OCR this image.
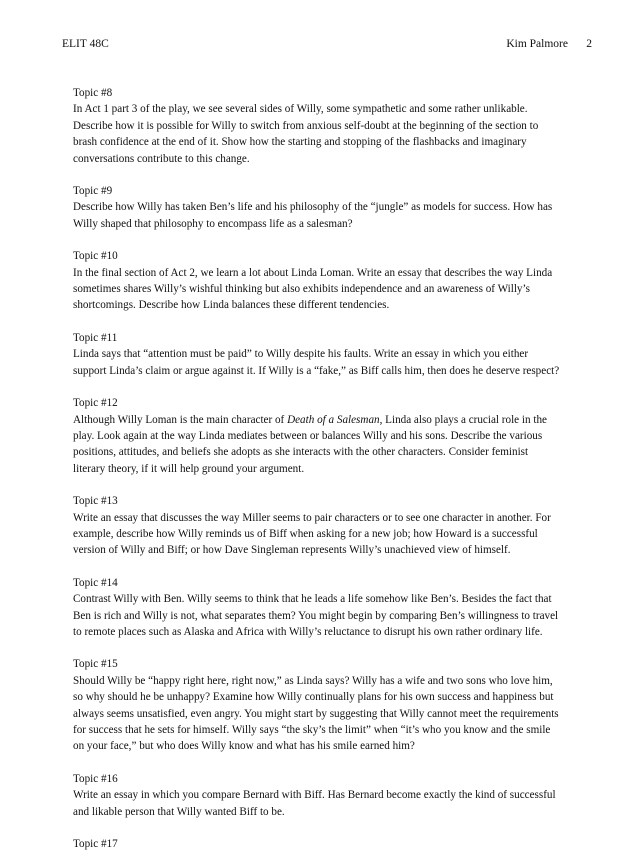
ELIT 48C	Kim Palmore 2
Topic #8
In Act 1 part 3 of the play, we see several sides of Willy, some sympathetic and some rather unlikable. Describe how it is possible for Willy to switch from anxious self-doubt at the beginning of the section to brash confidence at the end of it. Show how the starting and stopping of the flashbacks and imaginary conversations contribute to this change.
Topic #9
Describe how Willy has taken Ben’s life and his philosophy of the “jungle” as models for success. How has Willy shaped that philosophy to encompass life as a salesman?
Topic #10
In the final section of Act 2, we learn a lot about Linda Loman. Write an essay that describes the way Linda sometimes shares Willy’s wishful thinking but also exhibits independence and an awareness of Willy’s shortcomings. Describe how Linda balances these different tendencies.
Topic #11
Linda says that “attention must be paid” to Willy despite his faults. Write an essay in which you either support Linda’s claim or argue against it. If Willy is a “fake,” as Biff calls him, then does he deserve respect?
Topic #12
Although Willy Loman is the main character of Death of a Salesman, Linda also plays a crucial role in the play. Look again at the way Linda mediates between or balances Willy and his sons. Describe the various positions, attitudes, and beliefs she adopts as she interacts with the other characters. Consider feminist literary theory, if it will help ground your argument.
Topic #13
Write an essay that discusses the way Miller seems to pair characters or to see one character in another. For example, describe how Willy reminds us of Biff when asking for a new job; how Howard is a successful version of Willy and Biff; or how Dave Singleman represents Willy’s unachieved view of himself.
Topic #14
Contrast Willy with Ben. Willy seems to think that he leads a life somehow like Ben’s. Besides the fact that Ben is rich and Willy is not, what separates them? You might begin by comparing Ben’s willingness to travel to remote places such as Alaska and Africa with Willy’s reluctance to disrupt his own rather ordinary life.
Topic #15
Should Willy be “happy right here, right now,” as Linda says? Willy has a wife and two sons who love him, so why should he be unhappy? Examine how Willy continually plans for his own success and happiness but always seems unsatisfied, even angry. You might start by suggesting that Willy cannot meet the requirements for success that he sets for himself. Willy says “the sky’s the limit” when “it’s who you know and the smile on your face,” but who does Willy know and what has his smile earned him?
Topic #16
Write an essay in which you compare Bernard with Biff. Has Bernard become exactly the kind of successful and likable person that Willy wanted Biff to be.
Topic #17
